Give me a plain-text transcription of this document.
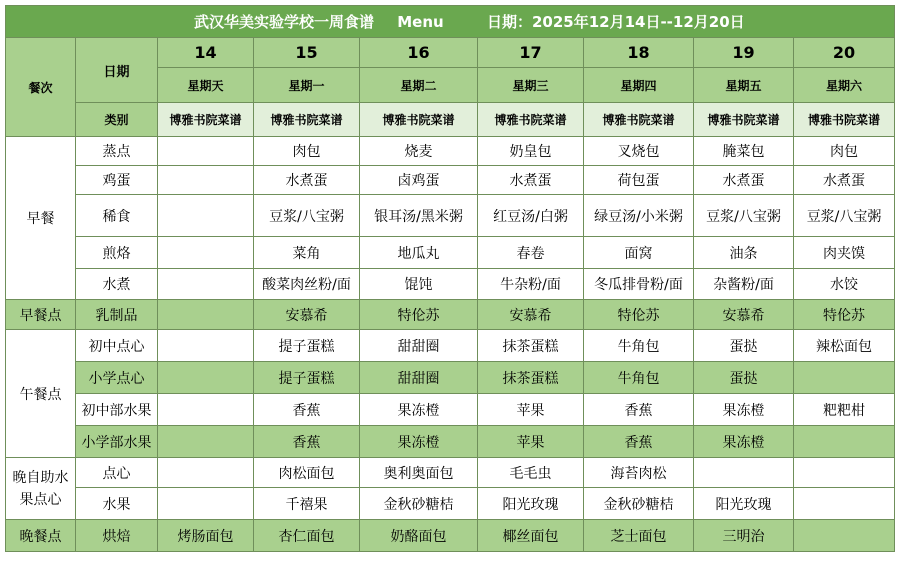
武汉华美实验学校一周食谱 Menu 日期：2025年12月14日--12月20日								
餐次	日期	14	15	16	17	18	19	20
		星期天	星期一	星期二	星期三	星期四	星期五	星期六
	类别	博雅书院菜谱	博雅书院菜谱	博雅书院菜谱	博雅书院菜谱	博雅书院菜谱	博雅书院菜谱	博雅书院菜谱
早餐	蒸点		肉包	烧麦	奶皇包	叉烧包	腌菜包	肉包
	鸡蛋		水煮蛋	卤鸡蛋	水煮蛋	荷包蛋	水煮蛋	水煮蛋
	稀食		豆浆/八宝粥	银耳汤/黑米粥	红豆汤/白粥	绿豆汤/小米粥	豆浆/八宝粥	豆浆/八宝粥
	煎烙		菜角	地瓜丸	春卷	面窝	油条	肉夹馍
	水煮		酸菜肉丝粉/面	馄饨	牛杂粉/面	冬瓜排骨粉/面	杂酱粉/面	水饺
早餐点	乳制品		安慕希	特伦苏	安慕希	特伦苏	安慕希	特伦苏
午餐点	初中点心		提子蛋糕	甜甜圈	抹茶蛋糕	牛角包	蛋挞	辣松面包
	小学点心		提子蛋糕	甜甜圈	抹茶蛋糕	牛角包	蛋挞	
	初中部水果		香蕉	果冻橙	苹果	香蕉	果冻橙	粑粑柑
	小学部水果		香蕉	果冻橙	苹果	香蕉	果冻橙	
晚自助水果点心	点心		肉松面包	奥利奥面包	毛毛虫	海苔肉松		
	水果		千禧果	金秋砂糖桔	阳光玫瑰	金秋砂糖桔	阳光玫瑰	
晚餐点	烘焙	烤肠面包	杏仁面包	奶酪面包	椰丝面包	芝士面包	三明治	
